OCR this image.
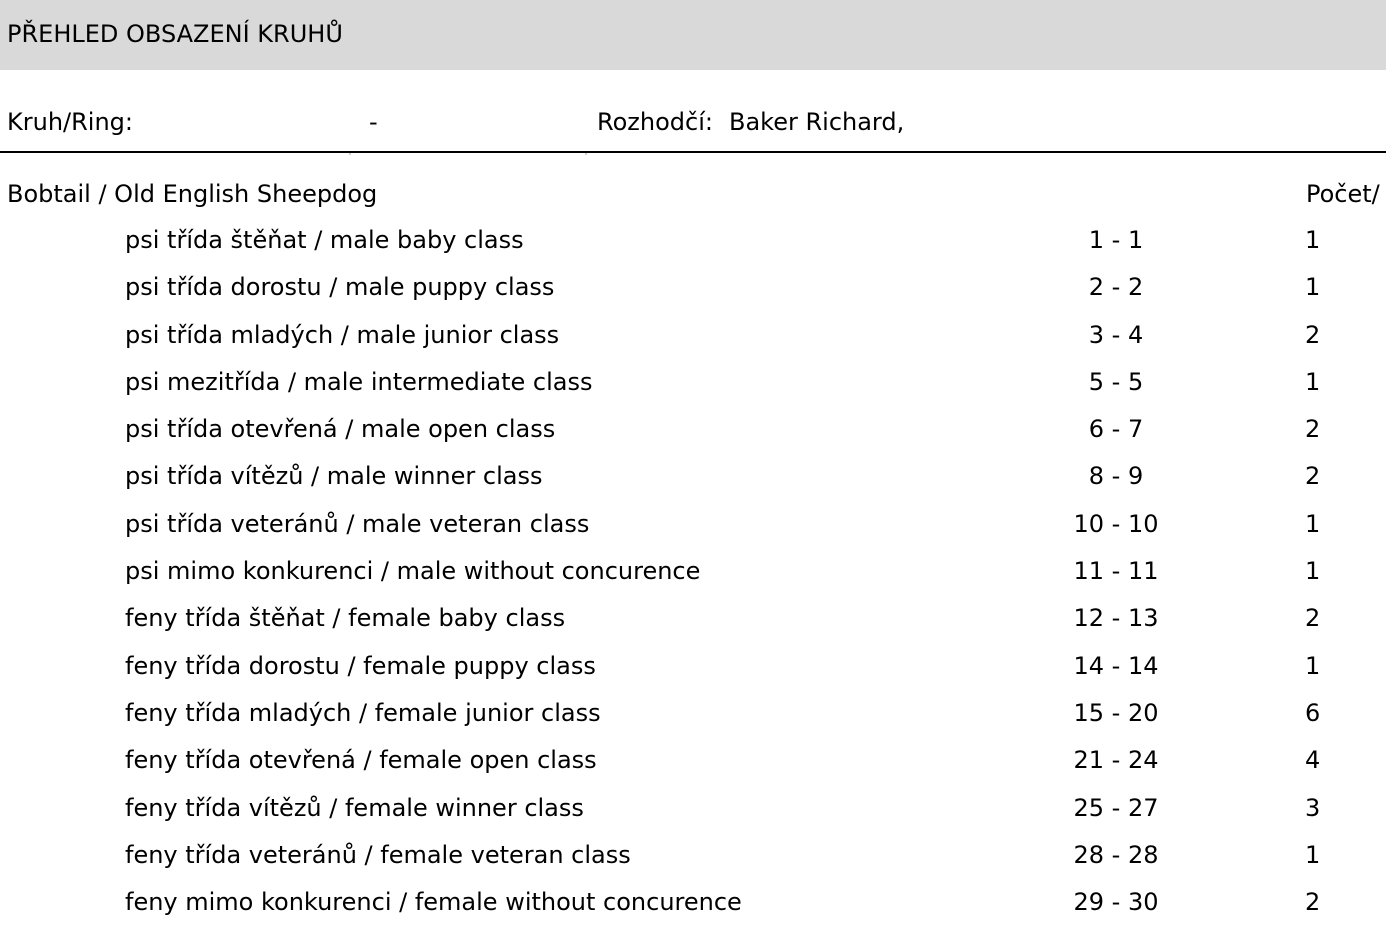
PŘEHLED OBSAZENÍ KRUHŮ
Kruh/Ring:	-	Rozhodčí: Baker Richard,
Bobtail / Old English Sheepdog	Počet/
psi třída štěňat / male baby class	1 - 1	1
psi třída dorostu / male puppy class	2 - 2	1
psi třída mladých / male junior class	3 - 4	2
psi mezitřída / male intermediate class	5 - 5	1
psi třída otevřená / male open class	6 - 7	2
psi třída vítězů / male winner class	8 - 9	2
psi třída veteránů / male veteran class	10 - 10	1
psi mimo konkurenci / male without concurence	11 - 11	1
feny třída štěňat / female baby class	12 - 13	2
feny třída dorostu / female puppy class	14 - 14	1
feny třída mladých / female junior class	15 - 20	6
feny třída otevřená / female open class	21 - 24	4
feny třída vítězů / female winner class	25 - 27	3
feny třída veteránů / female veteran class	28 - 28	1
feny mimo konkurenci / female without concurence	29 - 30	2
